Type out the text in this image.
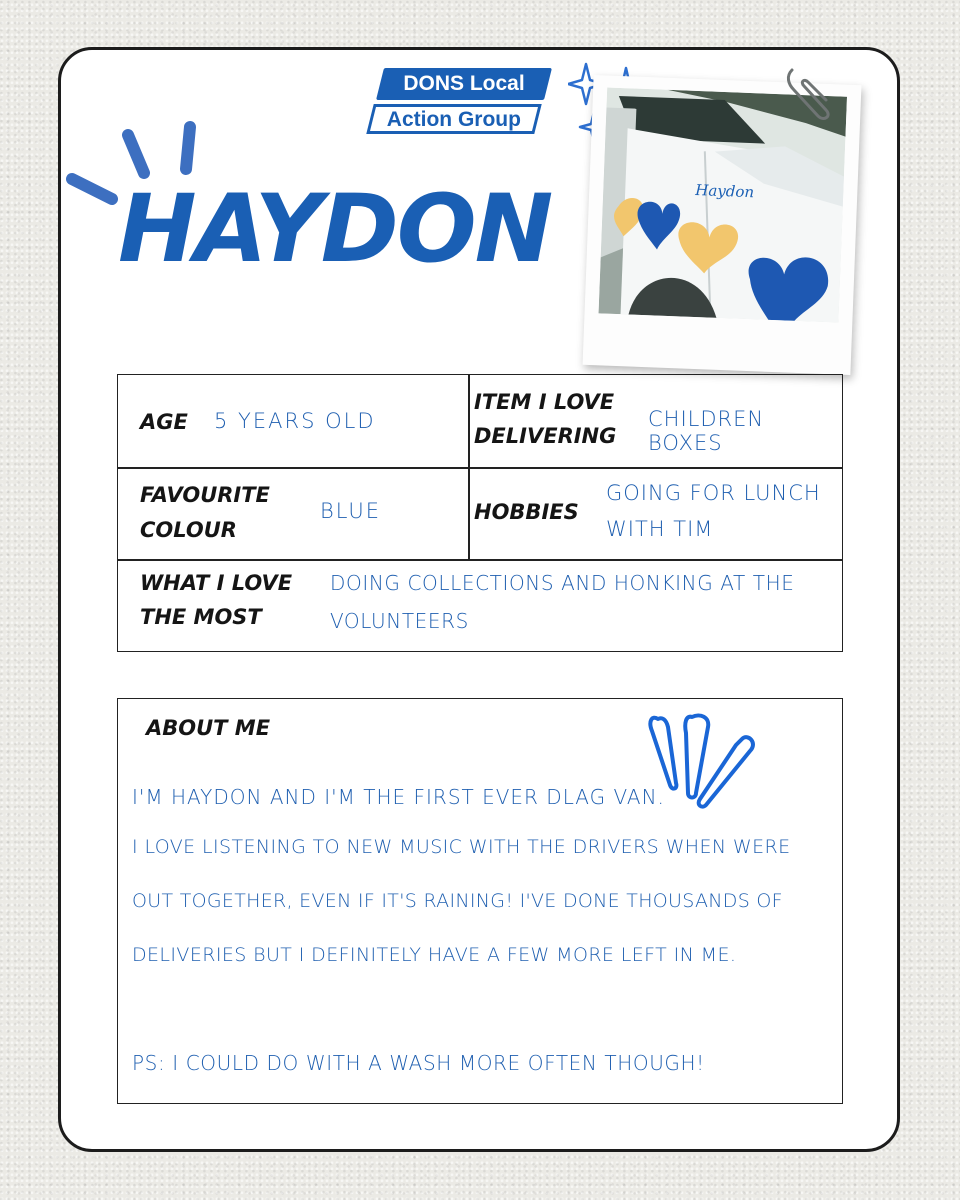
DONS Local
Action Group
HAYDON	Haydon
AGE 5 YEARS OLD
ITEM I LOVE
DELIVERING
CHILDREN BOXES
FAVOURITE
COLOUR
BLUE	HOBBIES
GOING FOR LUNCH
WITH TIM
WHAT I LOVE
THE MOST
DOING COLLECTIONS AND HONKING AT THE
VOLUNTEERS
ABOUT ME

I'M HAYDON AND I'M THE FIRST EVER DLAG VAN.

I LOVE LISTENING TO NEW MUSIC WITH THE DRIVERS WHEN WERE

OUT TOGETHER, EVEN IF IT'S RAINING! I'VE DONE THOUSANDS OF

DELIVERIES BUT I DEFINITELY HAVE A FEW MORE LEFT IN ME.

PS: I COULD DO WITH A WASH MORE OFTEN THOUGH!
